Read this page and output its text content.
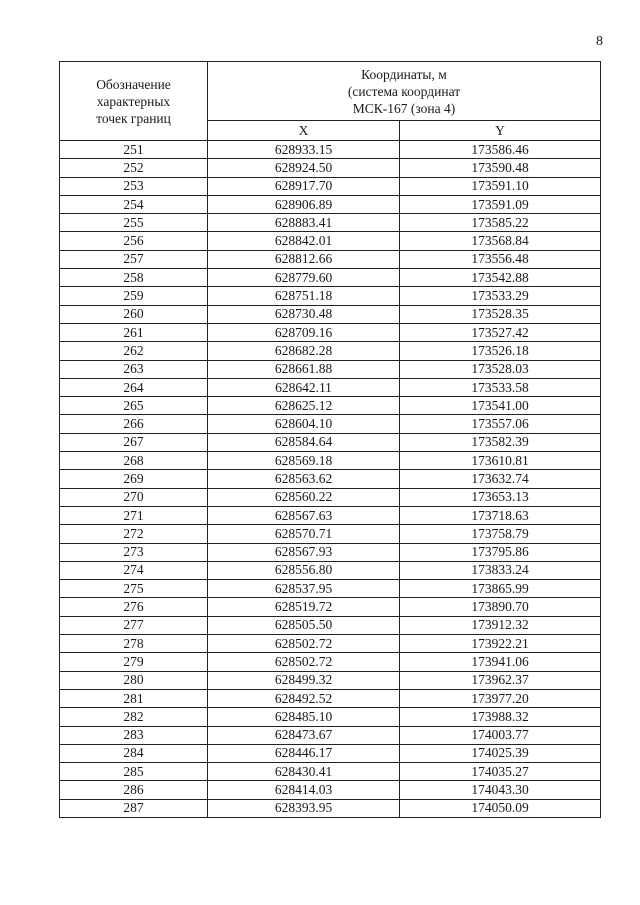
8
Обозначение
характерных
точек границ	Координаты, м
(система координат
МСК-167 (зона 4)	

	X	Y
251	628933.15	173586.46
252	628924.50	173590.48
253	628917.70	173591.10
254	628906.89	173591.09
255	628883.41	173585.22
256	628842.01	173568.84
257	628812.66	173556.48
258	628779.60	173542.88
259	628751.18	173533.29
260	628730.48	173528.35
261	628709.16	173527.42
262	628682.28	173526.18
263	628661.88	173528.03
264	628642.11	173533.58
265	628625.12	173541.00
266	628604.10	173557.06
267	628584.64	173582.39
268	628569.18	173610.81
269	628563.62	173632.74
270	628560.22	173653.13
271	628567.63	173718.63
272	628570.71	173758.79
273	628567.93	173795.86
274	628556.80	173833.24
275	628537.95	173865.99
276	628519.72	173890.70
277	628505.50	173912.32
278	628502.72	173922.21
279	628502.72	173941.06
280	628499.32	173962.37
281	628492.52	173977.20
282	628485.10	173988.32
283	628473.67	174003.77
284	628446.17	174025.39
285	628430.41	174035.27
286	628414.03	174043.30
287	628393.95	174050.09
